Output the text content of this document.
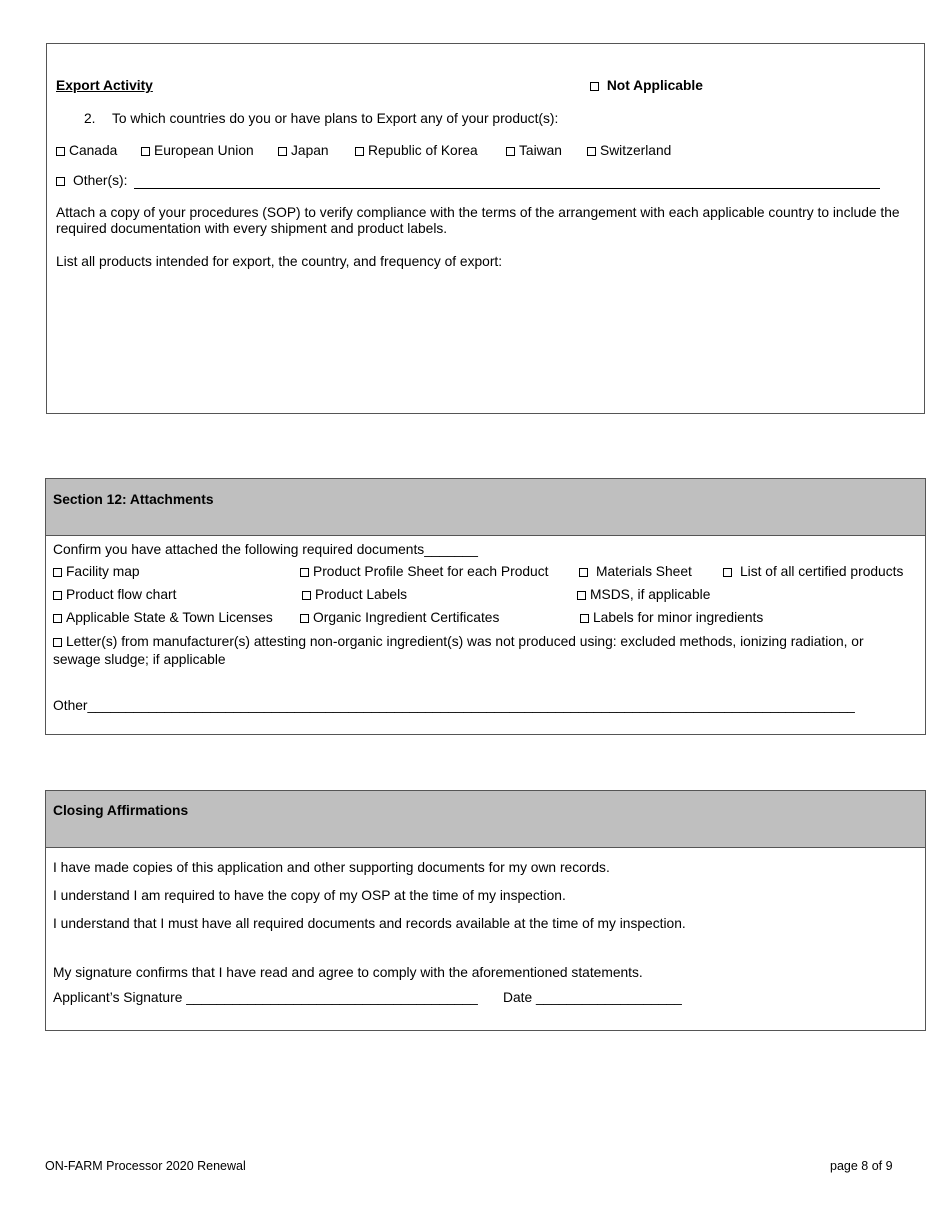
Export Activity	Not Applicable
2. To which countries do you or have plans to Export any of your product(s):
Canada	European Union	Japan	Republic of Korea	Taiwan	Switzerland
Other(s):
Attach a copy of your procedures (SOP) to verify compliance with the terms of the arrangement with each applicable country to include the required documentation with every shipment and product labels.
List all products intended for export, the country, and frequency of export:
Section 12: Attachments
Confirm you have attached the following required documents_______
Facility map	Product Profile Sheet for each Product	Materials Sheet	List of all certified products
Product flow chart	Product Labels	MSDS, if applicable
Applicable State & Town Licenses	Organic Ingredient Certificates	Labels for minor ingredients
Letter(s) from manufacturer(s) attesting non-organic ingredient(s) was not produced using: excluded methods, ionizing radiation, or sewage sludge; if applicable
Other____________________________________________________________________________________________________
Closing Affirmations
I have made copies of this application and other supporting documents for my own records.
I understand I am required to have the copy of my OSP at the time of my inspection.
I understand that I must have all required documents and records available at the time of my inspection.
My signature confirms that I have read and agree to comply with the aforementioned statements.
Applicant’s Signature ______________________________________ Date ___________________
ON-FARM Processor 2020 Renewal	page 8 of 9
